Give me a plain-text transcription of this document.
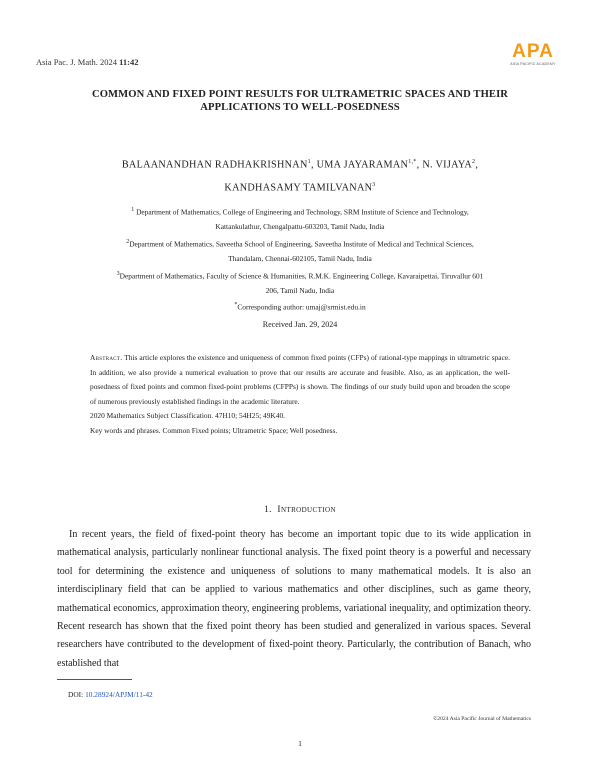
Asia Pac. J. Math. 2024 11:42	APA
ASIA PACIFIC ACADEMY
COMMON AND FIXED POINT RESULTS FOR ULTRAMETRIC SPACES AND THEIR
APPLICATIONS TO WELL-POSEDNESS
BALAANANDHAN RADHAKRISHNAN$^1$, UMA $JAYARAMAN^{1,*}$, N. VIJAYA$^2$,
KANDHASAMY TAMILVANAN$^3$
$^1$ Department of Mathematics, College of Engineering and Technology, SRM Institute of Science and Technology,
Kattankulathur, Chengalpattu-603203, Tamil Nadu, India
$^2$Department of Mathematics, Saveetha School of Engineering, Saveetha Institute of Medical and Technical Sciences,
Thandalam, Chennai-602105, Tamil Nadu, India
$^3$Department of Mathematics, Faculty of Science & Humanities, R.M.K. Engineering College, Kavaraipettai, Tiruvallur 601
206, Tamil Nadu, India
*Corresponding author: umaj@srmist.edu.in
Received Jan. 29, 2024
Abstract. This article explores the existence and uniqueness of common fixed points (CFPs) of rational-type mappings in ultrametric space. In addition, we also provide a numerical evaluation to prove that our results are accurate and feasible. Also, as an application, the well-posedness of fixed points and common fixed-point problems (CFPPs) is shown. The findings of our study build upon and broaden the scope of numerous previously established findings in the academic literature.
2020 Mathematics Subject Classification. 47H10; 54H25; 49K40.
Key words and phrases. Common Fixed points; Ultrametric Space; Well posedness.
1. Introduction
In recent years, the field of fixed-point theory has become an important topic due to its wide application in mathematical analysis, particularly nonlinear functional analysis. The fixed point theory is a powerful and necessary tool for determining the existence and uniqueness of solutions to many mathematical models. It is also an interdisciplinary field that can be applied to various mathematics and other disciplines, such as game theory, mathematical economics, approximation theory, engineering problems, variational inequality, and optimization theory. Recent research has shown that the fixed point theory has been studied and generalized in various spaces. Several researchers have contributed to the development of fixed-point theory. Particularly, the contribution of Banach, who established that
DOI: 10.28924/APJM/11-42
©2024 Asia Pacific Journal of Mathematics
1
